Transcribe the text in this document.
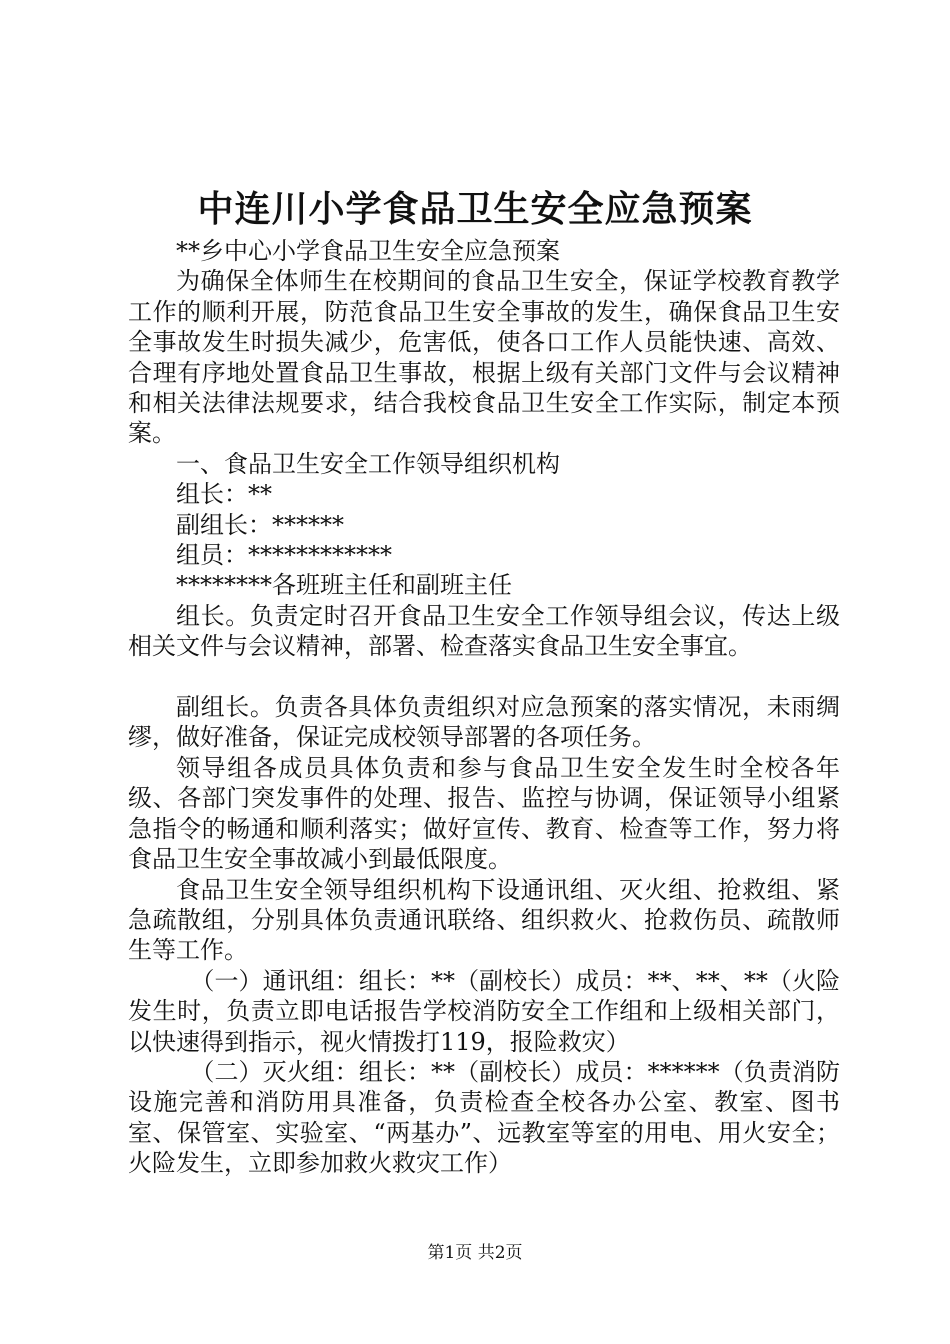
中连川小学食品卫生安全应急预案

**乡中心小学食品卫生安全应急预案

为确保全体师生在校期间的食品卫生安全，保证学校教育教学工作的顺利开展，防范食品卫生安全事故的发生，确保食品卫生安全事故发生时损失减少，危害低，使各口工作人员能快速、高效、合理有序地处置食品卫生事故，根据上级有关部门文件与会议精神和相关法律法规要求，结合我校食品卫生安全工作实际，制定本预案。

一、食品卫生安全工作领导组织机构

组长：**

副组长：******

组员：************

********各班班主任和副班主任

组长。负责定时召开食品卫生安全工作领导组会议，传达上级相关文件与会议精神，部署、检查落实食品卫生安全事宜。

副组长。负责各具体负责组织对应急预案的落实情况，未雨绸缪，做好准备，保证完成校领导部署的各项任务。

领导组各成员具体负责和参与食品卫生安全发生时全校各年级、各部门突发事件的处理、报告、监控与协调，保证领导小组紧急指令的畅通和顺利落实；做好宣传、教育、检查等工作，努力将食品卫生安全事故减小到最低限度。

食品卫生安全领导组织机构下设通讯组、灭火组、抢救组、紧急疏散组，分别具体负责通讯联络、组织救火、抢救伤员、疏散师生等工作。

（一）通讯组：组长：**（副校长）成员：**、**、**（火险发生时，负责立即电话报告学校消防安全工作组和上级相关部门，以快速得到指示，视火情拨打119，报险救灾）

（二）灭火组：组长：**（副校长）成员：******（负责消防设施完善和消防用具准备，负责检查全校各办公室、教室、图书室、保管室、实验室、“两基办”、远教室等室的用电、用火安全；火险发生，立即参加救火救灾工作）

第1页 共2页
